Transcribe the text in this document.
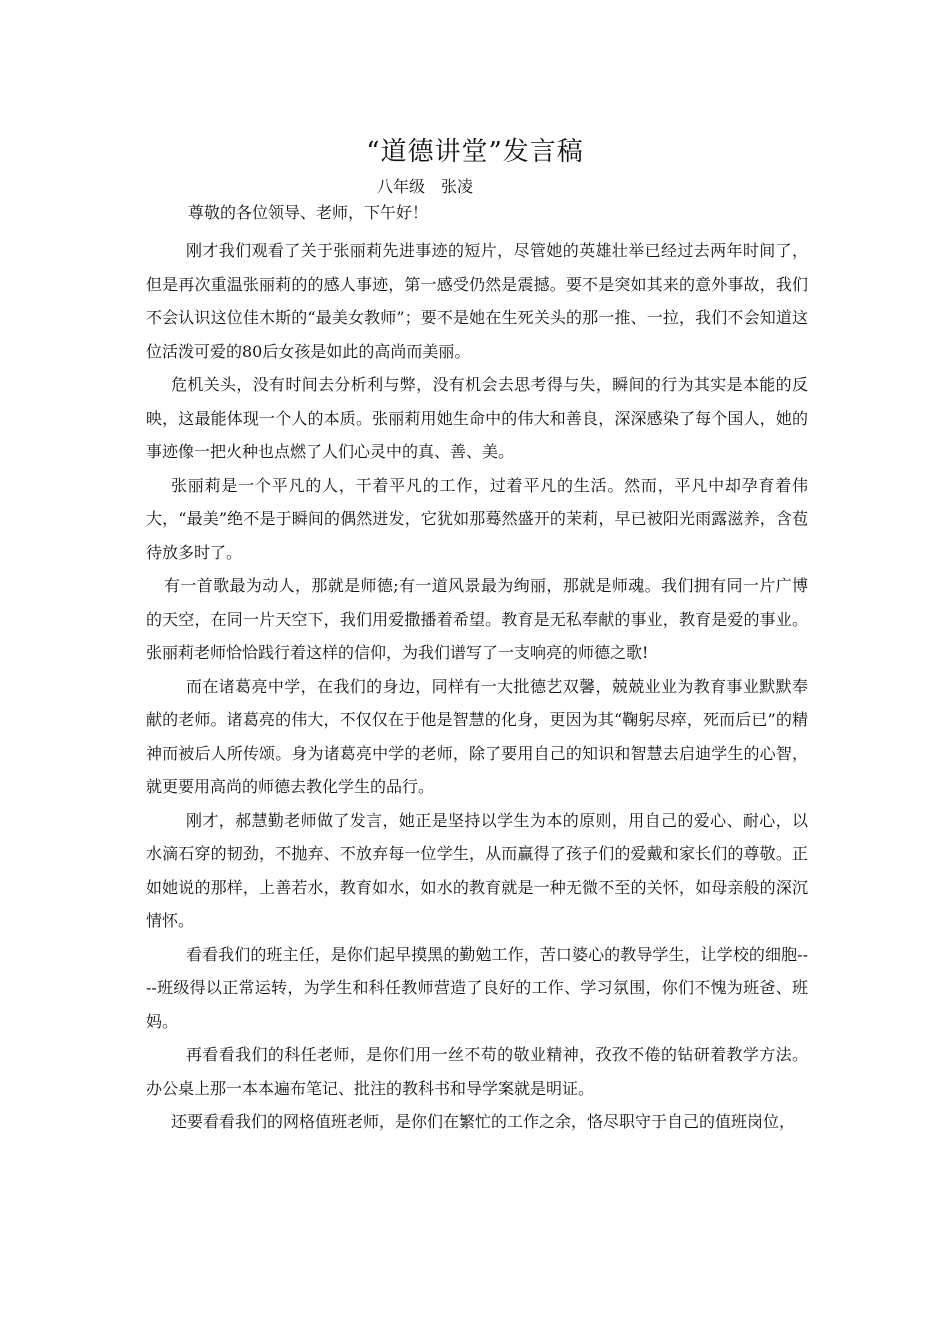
“道德讲堂”发言稿
八年级　张凌
尊敬的各位领导、老师，下午好！

刚才我们观看了关于张丽莉先进事迹的短片，尽管她的英雄壮举已经过去两年时间了，但是再次重温张丽莉的的感人事迹，第一感受仍然是震撼。要不是突如其来的意外事故，我们不会认识这位佳木斯的“最美女教师”；要不是她在生死关头的那一推、一拉，我们不会知道这位活泼可爱的80后女孩是如此的高尚而美丽。

危机关头，没有时间去分析利与弊，没有机会去思考得与失，瞬间的行为其实是本能的反映，这最能体现一个人的本质。张丽莉用她生命中的伟大和善良，深深感染了每个国人，她的事迹像一把火种也点燃了人们心灵中的真、善、美。

张丽莉是一个平凡的人，干着平凡的工作，过着平凡的生活。然而，平凡中却孕育着伟大，“最美”绝不是于瞬间的偶然迸发，它犹如那蓦然盛开的茉莉，早已被阳光雨露滋养，含苞待放多时了。

有一首歌最为动人，那就是师德;有一道风景最为绚丽，那就是师魂。我们拥有同一片广博的天空，在同一片天空下，我们用爱撒播着希望。教育是无私奉献的事业，教育是爱的事业。张丽莉老师恰恰践行着这样的信仰，为我们谱写了一支响亮的师德之歌!

而在诸葛亮中学，在我们的身边，同样有一大批德艺双馨，兢兢业业为教育事业默默奉献的老师。诸葛亮的伟大，不仅仅在于他是智慧的化身，更因为其“鞠躬尽瘁，死而后已”的精神而被后人所传颂。身为诸葛亮中学的老师，除了要用自己的知识和智慧去启迪学生的心智，就更要用高尚的师德去教化学生的品行。

刚才，郝慧勤老师做了发言，她正是坚持以学生为本的原则，用自己的爱心、耐心，以水滴石穿的韧劲，不抛弃、不放弃每一位学生，从而赢得了孩子们的爱戴和家长们的尊敬。正如她说的那样，上善若水，教育如水，如水的教育就是一种无微不至的关怀，如母亲般的深沉情怀。

看看我们的班主任，是你们起早摸黑的勤勉工作，苦口婆心的教导学生，让学校的细胞----班级得以正常运转，为学生和科任教师营造了良好的工作、学习氛围，你们不愧为班爸、班妈。

再看看我们的科任老师，是你们用一丝不苟的敬业精神，孜孜不倦的钻研着教学方法。办公桌上那一本本遍布笔记、批注的教科书和导学案就是明证。

还要看看我们的网格值班老师，是你们在繁忙的工作之余，恪尽职守于自己的值班岗位，
